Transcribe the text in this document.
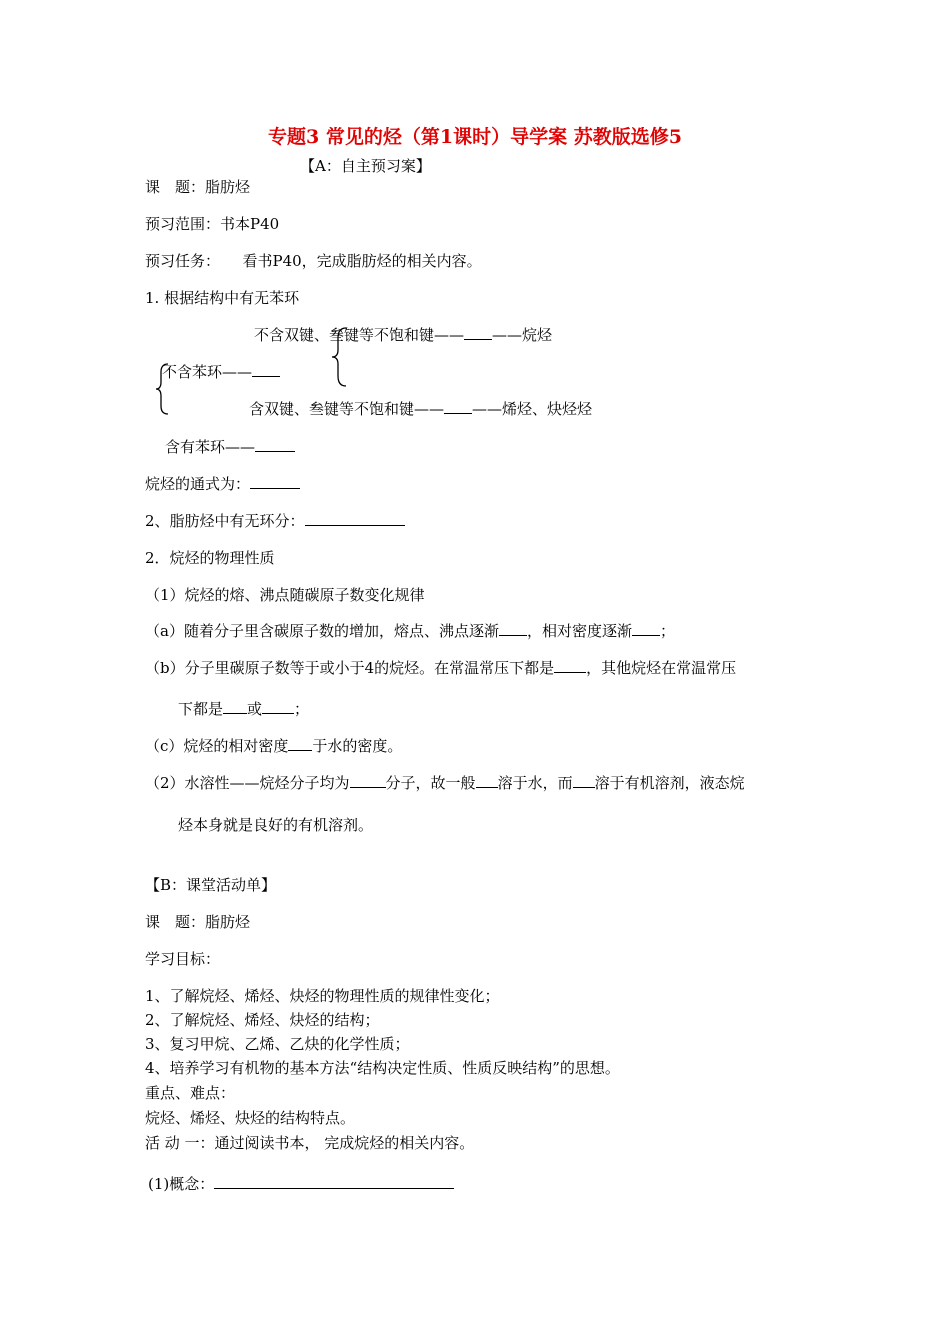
专题3 常见的烃（第1课时）导学案 苏教版选修5
【A：自主预习案】
课　题：脂肪烃
预习范围：书本P40
预习任务：　　看书P40，完成脂肪烃的相关内容。
1. 根据结构中有无苯环
不含双键、叁键等不饱和键—— ——烷烃
不含苯环——
含双键、叁键等不饱和键—— ——烯烃、炔烃烃
含有苯环——
烷烃的通式为：
2、脂肪烃中有无环分：
2．烷烃的物理性质
（1）烷烃的熔、沸点随碳原子数变化规律
（a）随着分子里含碳原子数的增加，熔点、沸点逐渐 ，相对密度逐渐 ；
（b）分子里碳原子数等于或小于4的烷烃。在常温常压下都是 ，其他烷烃在常温常压
下都是 或 ；
（c）烷烃的相对密度 于水的密度。
（2）水溶性——烷烃分子均为 分子，故一般 溶于水，而 溶于有机溶剂，液态烷
烃本身就是良好的有机溶剂。
【B：课堂活动单】
课　题：脂肪烃
学习目标：
1、了解烷烃、烯烃、炔烃的物理性质的规律性变化；
2、了解烷烃、烯烃、炔烃的结构；
3、复习甲烷、乙烯、乙炔的化学性质；
4、培养学习有机物的基本方法“结构决定性质、性质反映结构”的思想。
重点、难点：
烷烃、烯烃、炔烃的结构特点。
活 动 一：通过阅读书本， 完成烷烃的相关内容。
(1)概念：
